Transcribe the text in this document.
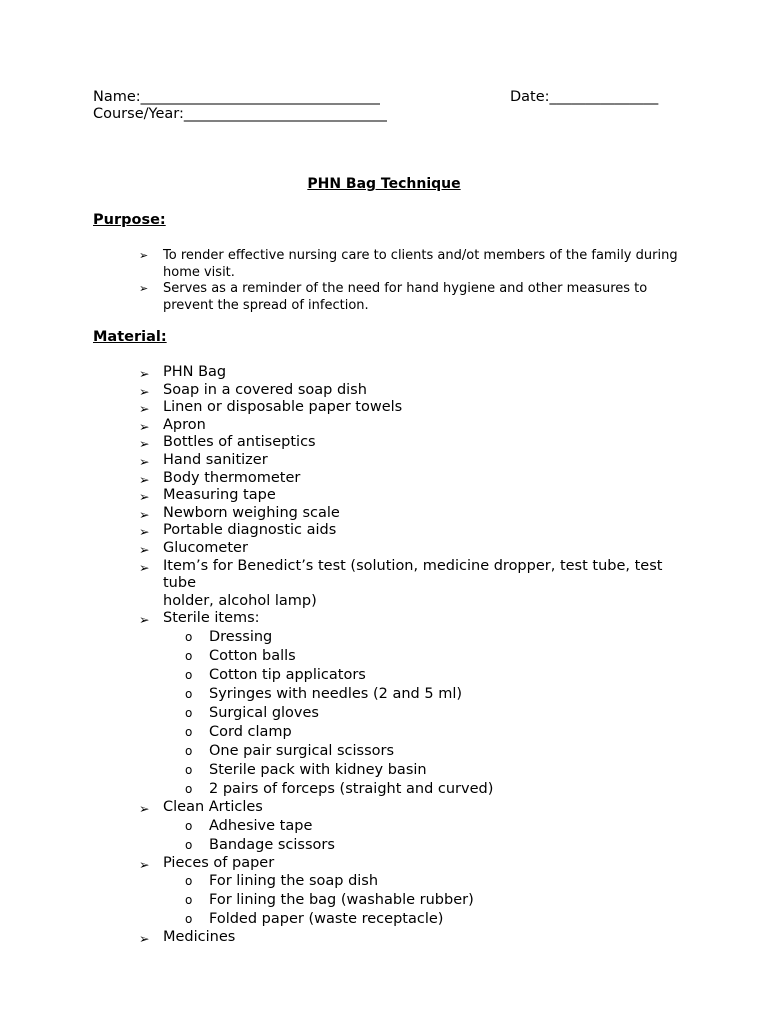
Name:_________________________________	Date:_______________
Course/Year:____________________________
PHN Bag Technique
Purpose:
➢	To render effective nursing care to clients and/ot members of the family during
home visit.
➢	Serves as a reminder of the need for hand hygiene and other measures to
prevent the spread of infection.
Material:
➢ PHN Bag
➢ Soap in a covered soap dish
➢ Linen or disposable paper towels
➢ Apron
➢ Bottles of antiseptics
➢ Hand sanitizer
➢ Body thermometer
➢ Measuring tape
➢ Newborn weighing scale
➢ Portable diagnostic aids
➢ Glucometer
➢ Item’s for Benedict’s test (solution, medicine dropper, test tube, test tube
holder, alcohol lamp)
➢ Sterile items:
o Dressing
o Cotton balls
o Cotton tip applicators
o Syringes with needles (2 and 5 ml)
o Surgical gloves
o Cord clamp
o One pair surgical scissors
o Sterile pack with kidney basin
o 2 pairs of forceps (straight and curved)
➢ Clean Articles
o Adhesive tape
o Bandage scissors
➢ Pieces of paper
o For lining the soap dish
o For lining the bag (washable rubber)
o Folded paper (waste receptacle)
➢ Medicines
